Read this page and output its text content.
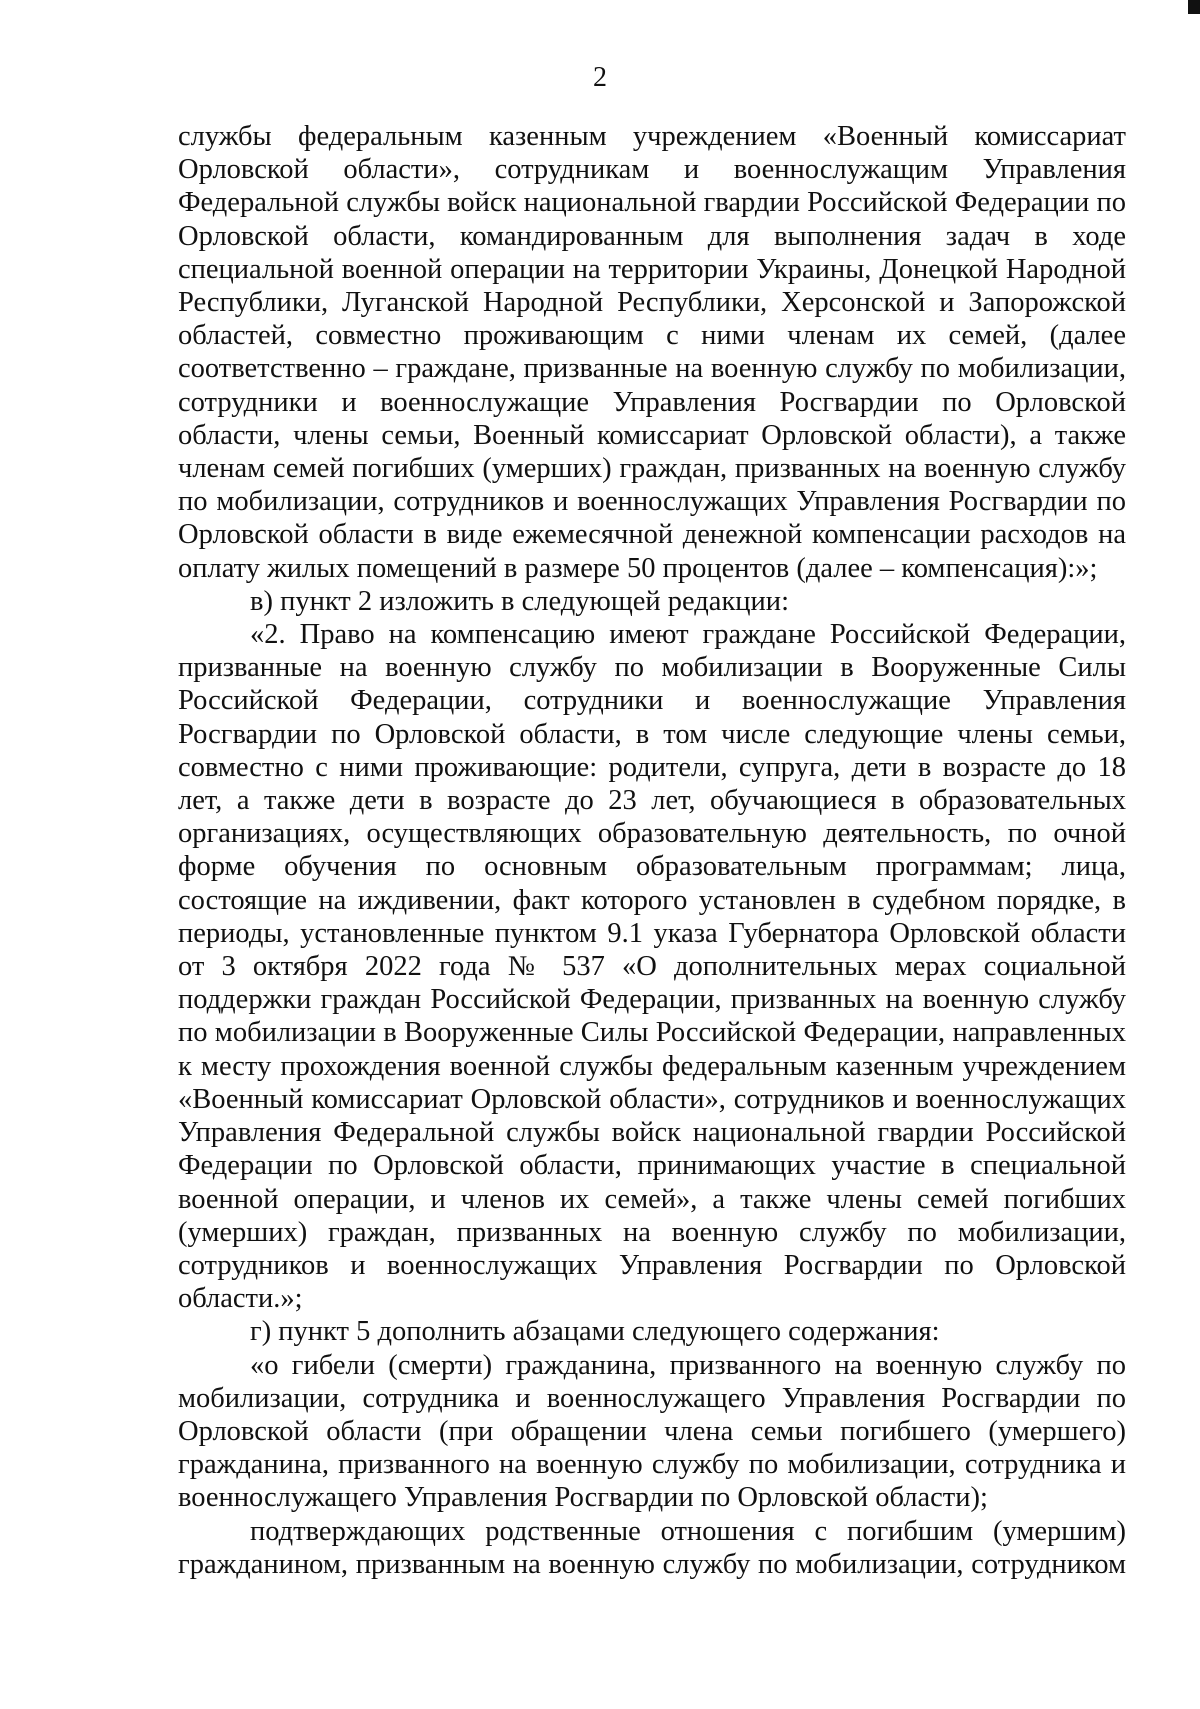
2

службы федеральным казенным учреждением «Военный комиссариат Орловской области», сотрудникам и военнослужащим Управления Федеральной службы войск национальной гвардии Российской Федерации по Орловской области, командированным для выполнения задач в ходе специальной военной операции на территории Украины, Донецкой Народной Республики, Луганской Народной Республики, Херсонской и Запорожской областей, совместно проживающим с ними членам их семей, (далее соответственно – граждане, призванные на военную службу по мобилизации, сотрудники и военнослужащие Управления Росгвардии по Орловской области, члены семьи, Военный комиссариат Орловской области), а также членам семей погибших (умерших) граждан, призванных на военную службу по мобилизации, сотрудников и военнослужащих Управления Росгвардии по Орловской области в виде ежемесячной денежной компенсации расходов на оплату жилых помещений в размере 50 процентов (далее – компенсация):»;

в) пункт 2 изложить в следующей редакции:

«2. Право на компенсацию имеют граждане Российской Федерации, призванные на военную службу по мобилизации в Вооруженные Силы Российской Федерации, сотрудники и военнослужащие Управления Росгвардии по Орловской области, в том числе следующие члены семьи, совместно с ними проживающие: родители, супруга, дети в возрасте до 18 лет, а также дети в возрасте до 23 лет, обучающиеся в образовательных организациях, осуществляющих образовательную деятельность, по очной форме обучения по основным образовательным программам; лица, состоящие на иждивении, факт которого установлен в судебном порядке, в периоды, установленные пунктом 9.1 указа Губернатора Орловской области от 3 октября 2022 года № 537 «О дополнительных мерах социальной поддержки граждан Российской Федерации, призванных на военную службу по мобилизации в Вооруженные Силы Российской Федерации, направленных к месту прохождения военной службы федеральным казенным учреждением «Военный комиссариат Орловской области», сотрудников и военнослужащих Управления Федеральной службы войск национальной гвардии Российской Федерации по Орловской области, принимающих участие в специальной военной операции, и членов их семей», а также члены семей погибших (умерших) граждан, призванных на военную службу по мобилизации, сотрудников и военнослужащих Управления Росгвардии по Орловской области.»;

г) пункт 5 дополнить абзацами следующего содержания:

«о гибели (смерти) гражданина, призванного на военную службу по мобилизации, сотрудника и военнослужащего Управления Росгвардии по Орловской области (при обращении члена семьи погибшего (умершего) гражданина, призванного на военную службу по мобилизации, сотрудника и военнослужащего Управления Росгвардии по Орловской области);

подтверждающих родственные отношения с погибшим (умершим) гражданином, призванным на военную службу по мобилизации, сотрудником
